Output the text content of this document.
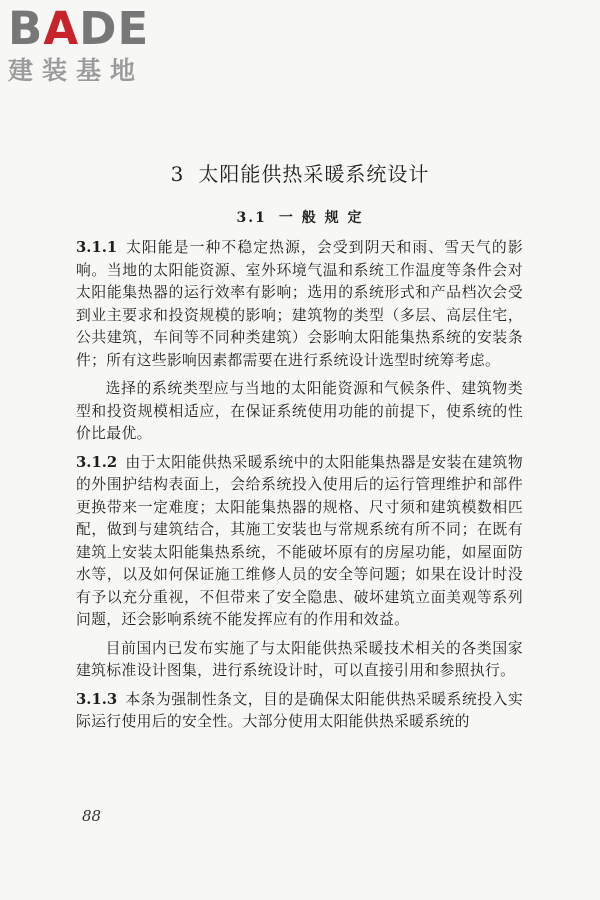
BADE
建装基地
3 太阳能供热采暖系统设计
3.1 一 般 规 定

3.1.1 太阳能是一种不稳定热源，会受到阴天和雨、雪天气的影响。当地的太阳能资源、室外环境气温和系统工作温度等条件会对太阳能集热器的运行效率有影响；选用的系统形式和产品档次会受到业主要求和投资规模的影响；建筑物的类型（多层、高层住宅，公共建筑，车间等不同种类建筑）会影响太阳能集热系统的安装条件；所有这些影响因素都需要在进行系统设计选型时统筹考虑。

选择的系统类型应与当地的太阳能资源和气候条件、建筑物类型和投资规模相适应，在保证系统使用功能的前提下，使系统的性价比最优。

3.1.2 由于太阳能供热采暖系统中的太阳能集热器是安装在建筑物的外围护结构表面上，会给系统投入使用后的运行管理维护和部件更换带来一定难度；太阳能集热器的规格、尺寸须和建筑模数相匹配，做到与建筑结合，其施工安装也与常规系统有所不同；在既有建筑上安装太阳能集热系统，不能破坏原有的房屋功能，如屋面防水等，以及如何保证施工维修人员的安全等问题；如果在设计时没有予以充分重视，不但带来了安全隐患、破坏建筑立面美观等系列问题，还会影响系统不能发挥应有的作用和效益。

目前国内已发布实施了与太阳能供热采暖技术相关的各类国家建筑标准设计图集，进行系统设计时，可以直接引用和参照执行。

3.1.3 本条为强制性条文，目的是确保太阳能供热采暖系统投入实际运行使用后的安全性。大部分使用太阳能供热采暖系统的

88
